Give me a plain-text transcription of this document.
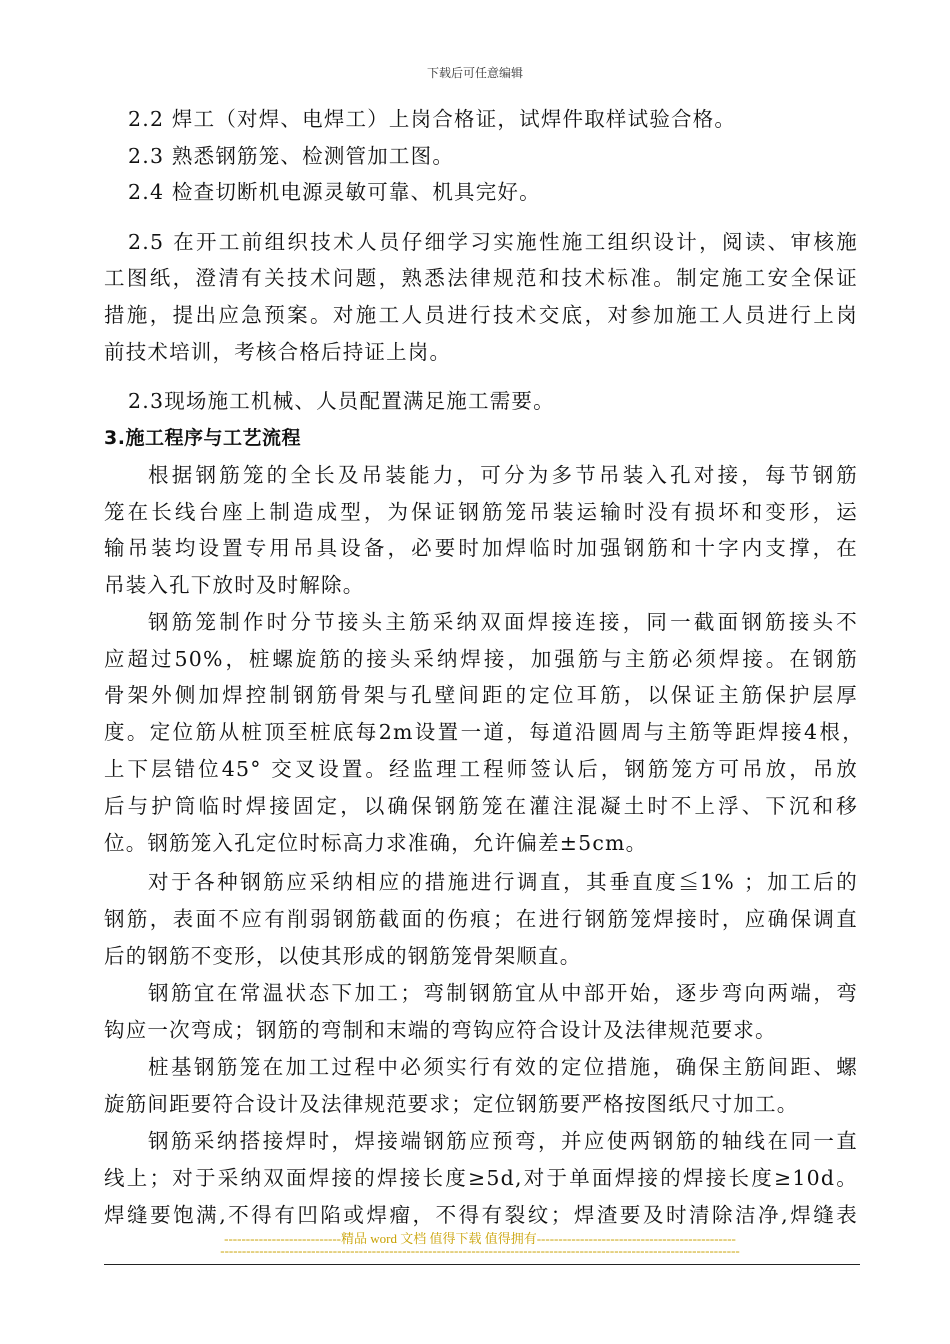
下载后可任意编辑
2.2 焊工（对焊、电焊工）上岗合格证，试焊件取样试验合格。
2.3 熟悉钢筋笼、检测管加工图。
2.4 检查切断机电源灵敏可靠、机具完好。
2.5 在开工前组织技术人员仔细学习实施性施工组织设计，阅读、审核施
工图纸，澄清有关技术问题，熟悉法律规范和技术标准。制定施工安全保证
措施，提出应急预案。对施工人员进行技术交底，对参加施工人员进行上岗
前技术培训，考核合格后持证上岗。
2.3现场施工机械、人员配置满足施工需要。
3.施工程序与工艺流程
根据钢筋笼的全长及吊装能力，可分为多节吊装入孔对接，每节钢筋
笼在长线台座上制造成型，为保证钢筋笼吊装运输时没有损坏和变形，运
输吊装均设置专用吊具设备，必要时加焊临时加强钢筋和十字内支撑，在
吊装入孔下放时及时解除。
钢筋笼制作时分节接头主筋采纳双面焊接连接，同一截面钢筋接头不
应超过50%，桩螺旋筋的接头采纳焊接，加强筋与主筋必须焊接。在钢筋
骨架外侧加焊控制钢筋骨架与孔壁间距的定位耳筋，以保证主筋保护层厚
度。定位筋从桩顶至桩底每2m设置一道，每道沿圆周与主筋等距焊接4根，
上下层错位45° 交叉设置。经监理工程师签认后，钢筋笼方可吊放，吊放
后与护筒临时焊接固定，以确保钢筋笼在灌注混凝土时不上浮、下沉和移
位。钢筋笼入孔定位时标高力求准确，允许偏差±5cm。
对于各种钢筋应采纳相应的措施进行调直，其垂直度≦1% ；加工后的
钢筋，表面不应有削弱钢筋截面的伤痕；在进行钢筋笼焊接时，应确保调直
后的钢筋不变形，以使其形成的钢筋笼骨架顺直。
钢筋宜在常温状态下加工；弯制钢筋宜从中部开始，逐步弯向两端，弯
钩应一次弯成；钢筋的弯制和末端的弯钩应符合设计及法律规范要求。
桩基钢筋笼在加工过程中必须实行有效的定位措施，确保主筋间距、螺
旋筋间距要符合设计及法律规范要求；定位钢筋要严格按图纸尺寸加工。
钢筋采纳搭接焊时，焊接端钢筋应预弯，并应使两钢筋的轴线在同一直
线上；对于采纳双面焊接的焊接长度≥5d,对于单面焊接的焊接长度≥10d。
焊缝要饱满,不得有凹陷或焊瘤，不得有裂纹；焊渣要及时清除洁净,焊缝表
---------------------------精品 word 文档 值得下载 值得拥有----------------------------------------------
------------------------------------------------------------------------------------------------------------------------
